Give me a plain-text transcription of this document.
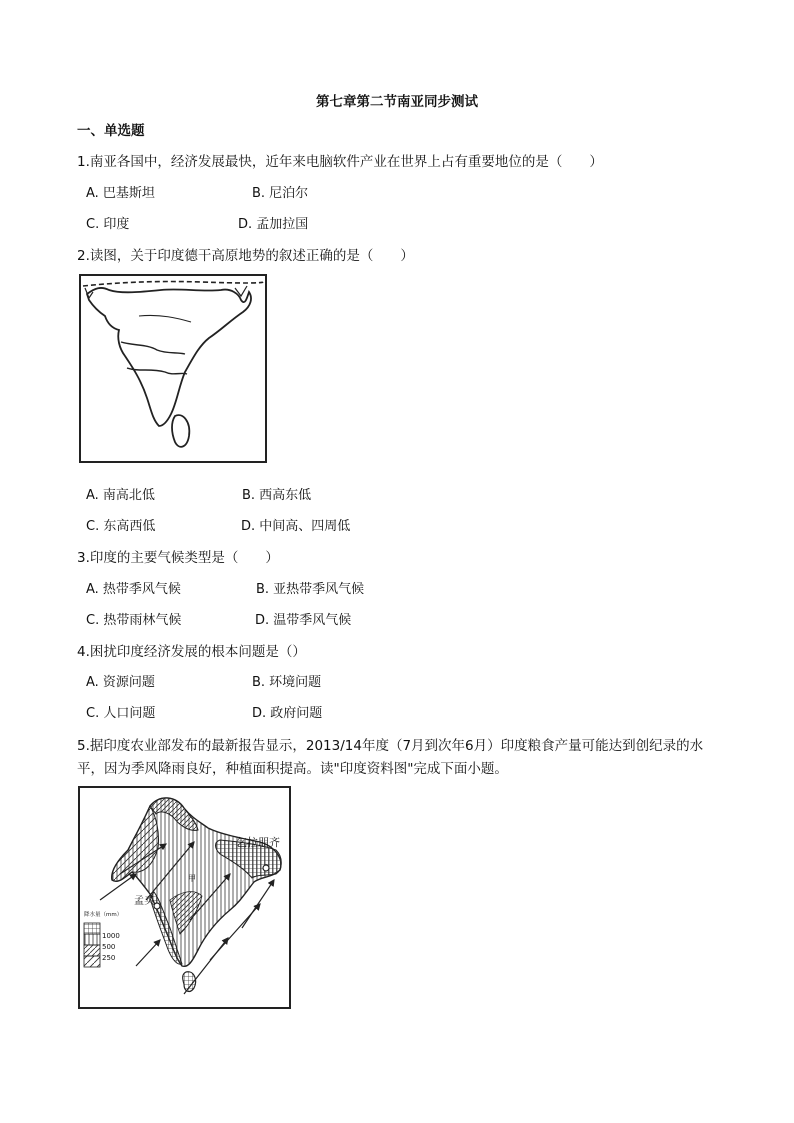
第七章第二节南亚同步测试
一、单选题
1.南亚各国中，经济发展最快，近年来电脑软件产业在世界上占有重要地位的是（　　）
A. 巴基斯坦	B. 尼泊尔
C. 印度	D. 孟加拉国
2.读图，关于印度德干高原地势的叙述正确的是（　　）
A. 南高北低	B. 西高东低
C. 东高西低	D. 中间高、四周低
3.印度的主要气候类型是（　　）
A. 热带季风气候	B. 亚热带季风气候
C. 热带雨林气候	D. 温带季风气候
4.困扰印度经济发展的根本问题是（）
A. 资源问题	B. 环境问题
C. 人口问题	D. 政府问题
5.据印度农业部发布的最新报告显示，2013/14年度（7月到次年6月）印度粮食产量可能达到创纪录的水
平，因为季风降雨良好，种植面积提高。读"印度资料图"完成下面小题。
乞拉朋齐
孟买
甲
降水量（mm）
1000
500
250
